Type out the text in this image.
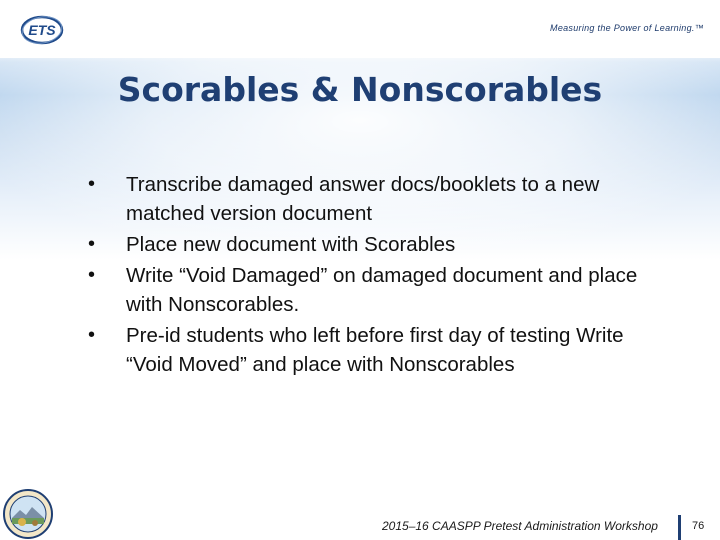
ETS	Measuring the Power of Learning.™
Scorables & Nonscorables
• Transcribe damaged answer docs/booklets to a new matched version document
• Place new document with Scorables
• Write “Void Damaged” on damaged document and place with Nonscorables.
• Pre-id students who left before first day of testing Write “Void Moved” and place with Nonscorables
2015–16 CAASPP Pretest Administration Workshop	76
